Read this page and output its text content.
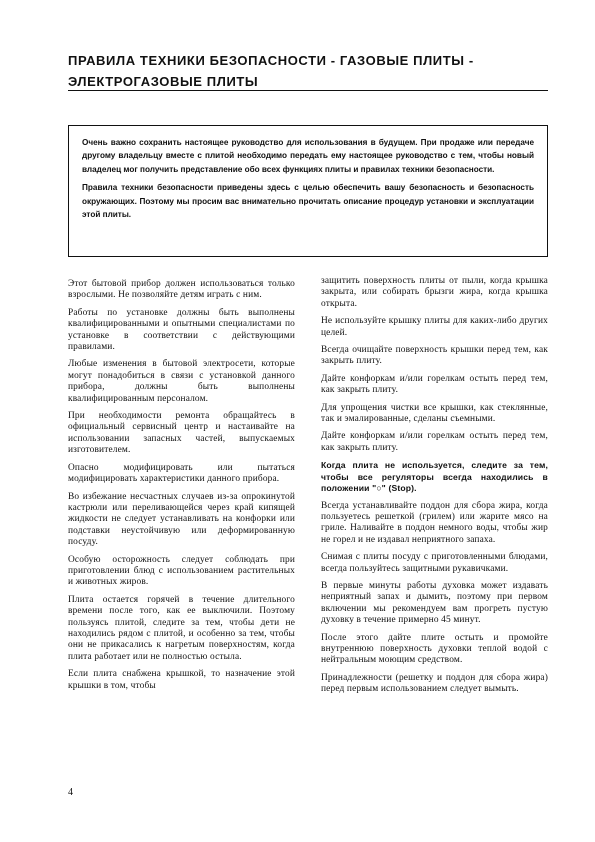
ПРАВИЛА ТЕХНИКИ БЕЗОПАСНОСТИ - ГАЗОВЫЕ ПЛИТЫ -
ЭЛЕКТРОГАЗОВЫЕ ПЛИТЫ

Очень важно сохранить настоящее руководство для использования в будущем. При продаже или передаче другому владельцу вместе с плитой необходимо передать ему настоящее руководство с тем, чтобы новый владелец мог получить представление обо всех функциях плиты и правилах техники безопасности.

Правила техники безопасности приведены здесь с целью обеспечить вашу безопасность и безопасность окружающих. Поэтому мы просим вас внимательно прочитать описание процедур установки и эксплуатации этой плиты.

Этот бытовой прибор должен использоваться только взрослыми. Не позволяйте детям играть с ним.

Работы по установке должны быть выполнены квалифицированными и опытными специалистами по установке в соответствии с действующими правилами.

Любые изменения в бытовой электросети, которые могут понадобиться в связи с установкой данного прибора, должны быть выполнены квалифицированным персоналом.

При необходимости ремонта обращайтесь в официальный сервисный центр и настаивайте на использовании запасных частей, выпускаемых изготовителем.

Опасно модифицировать или пытаться модифицировать характеристики данного прибора.

Во избежание несчастных случаев из-за опрокинутой кастрюли или переливающейся через край кипящей жидкости не следует устанавливать на конфорки или подставки неустойчивую или деформированную посуду.

Особую осторожность следует соблюдать при приготовлении блюд с использованием растительных и животных жиров.

Плита остается горячей в течение длительного времени после того, как ее выключили. Поэтому пользуясь плитой, следите за тем, чтобы дети не находились рядом с плитой, и особенно за тем, чтобы они не прикасались к нагретым поверхностям, когда плита работает или не полностью остыла.

Если плита снабжена крышкой, то назначение этой крышки в том, чтобы

защитить поверхность плиты от пыли, когда крышка закрыта, или собирать брызги жира, когда крышка открыта.

Не используйте крышку плиты для каких-либо других целей.

Всегда очищайте поверхность крышки перед тем, как закрыть плиту.

Дайте конфоркам и/или горелкам остыть перед тем, как закрыть плиту.

Для упрощения чистки все крышки, как стеклянные, так и эмалированные, сделаны съемными.

Дайте конфоркам и/или горелкам остыть перед тем, как закрыть плиту.

Когда плита не используется, следите за тем, чтобы все регуляторы всегда находились в положении "○" (Stop).

Всегда устанавливайте поддон для сбора жира, когда пользуетесь решеткой (грилем) или жарите мясо на гриле. Наливайте в поддон немного воды, чтобы жир не горел и не издавал неприятного запаха.

Снимая с плиты посуду с приготовленными блюдами, всегда пользуйтесь защитными рукавичками.

В первые минуты работы духовка может издавать неприятный запах и дымить, поэтому при первом включении мы рекомендуем вам прогреть пустую духовку в течение примерно 45 минут.

После этого дайте плите остыть и промойте внутреннюю поверхность духовки теплой водой с нейтральным моющим средством.

Принадлежности (решетку и поддон для сбора жира) перед первым использованием следует вымыть.

4
